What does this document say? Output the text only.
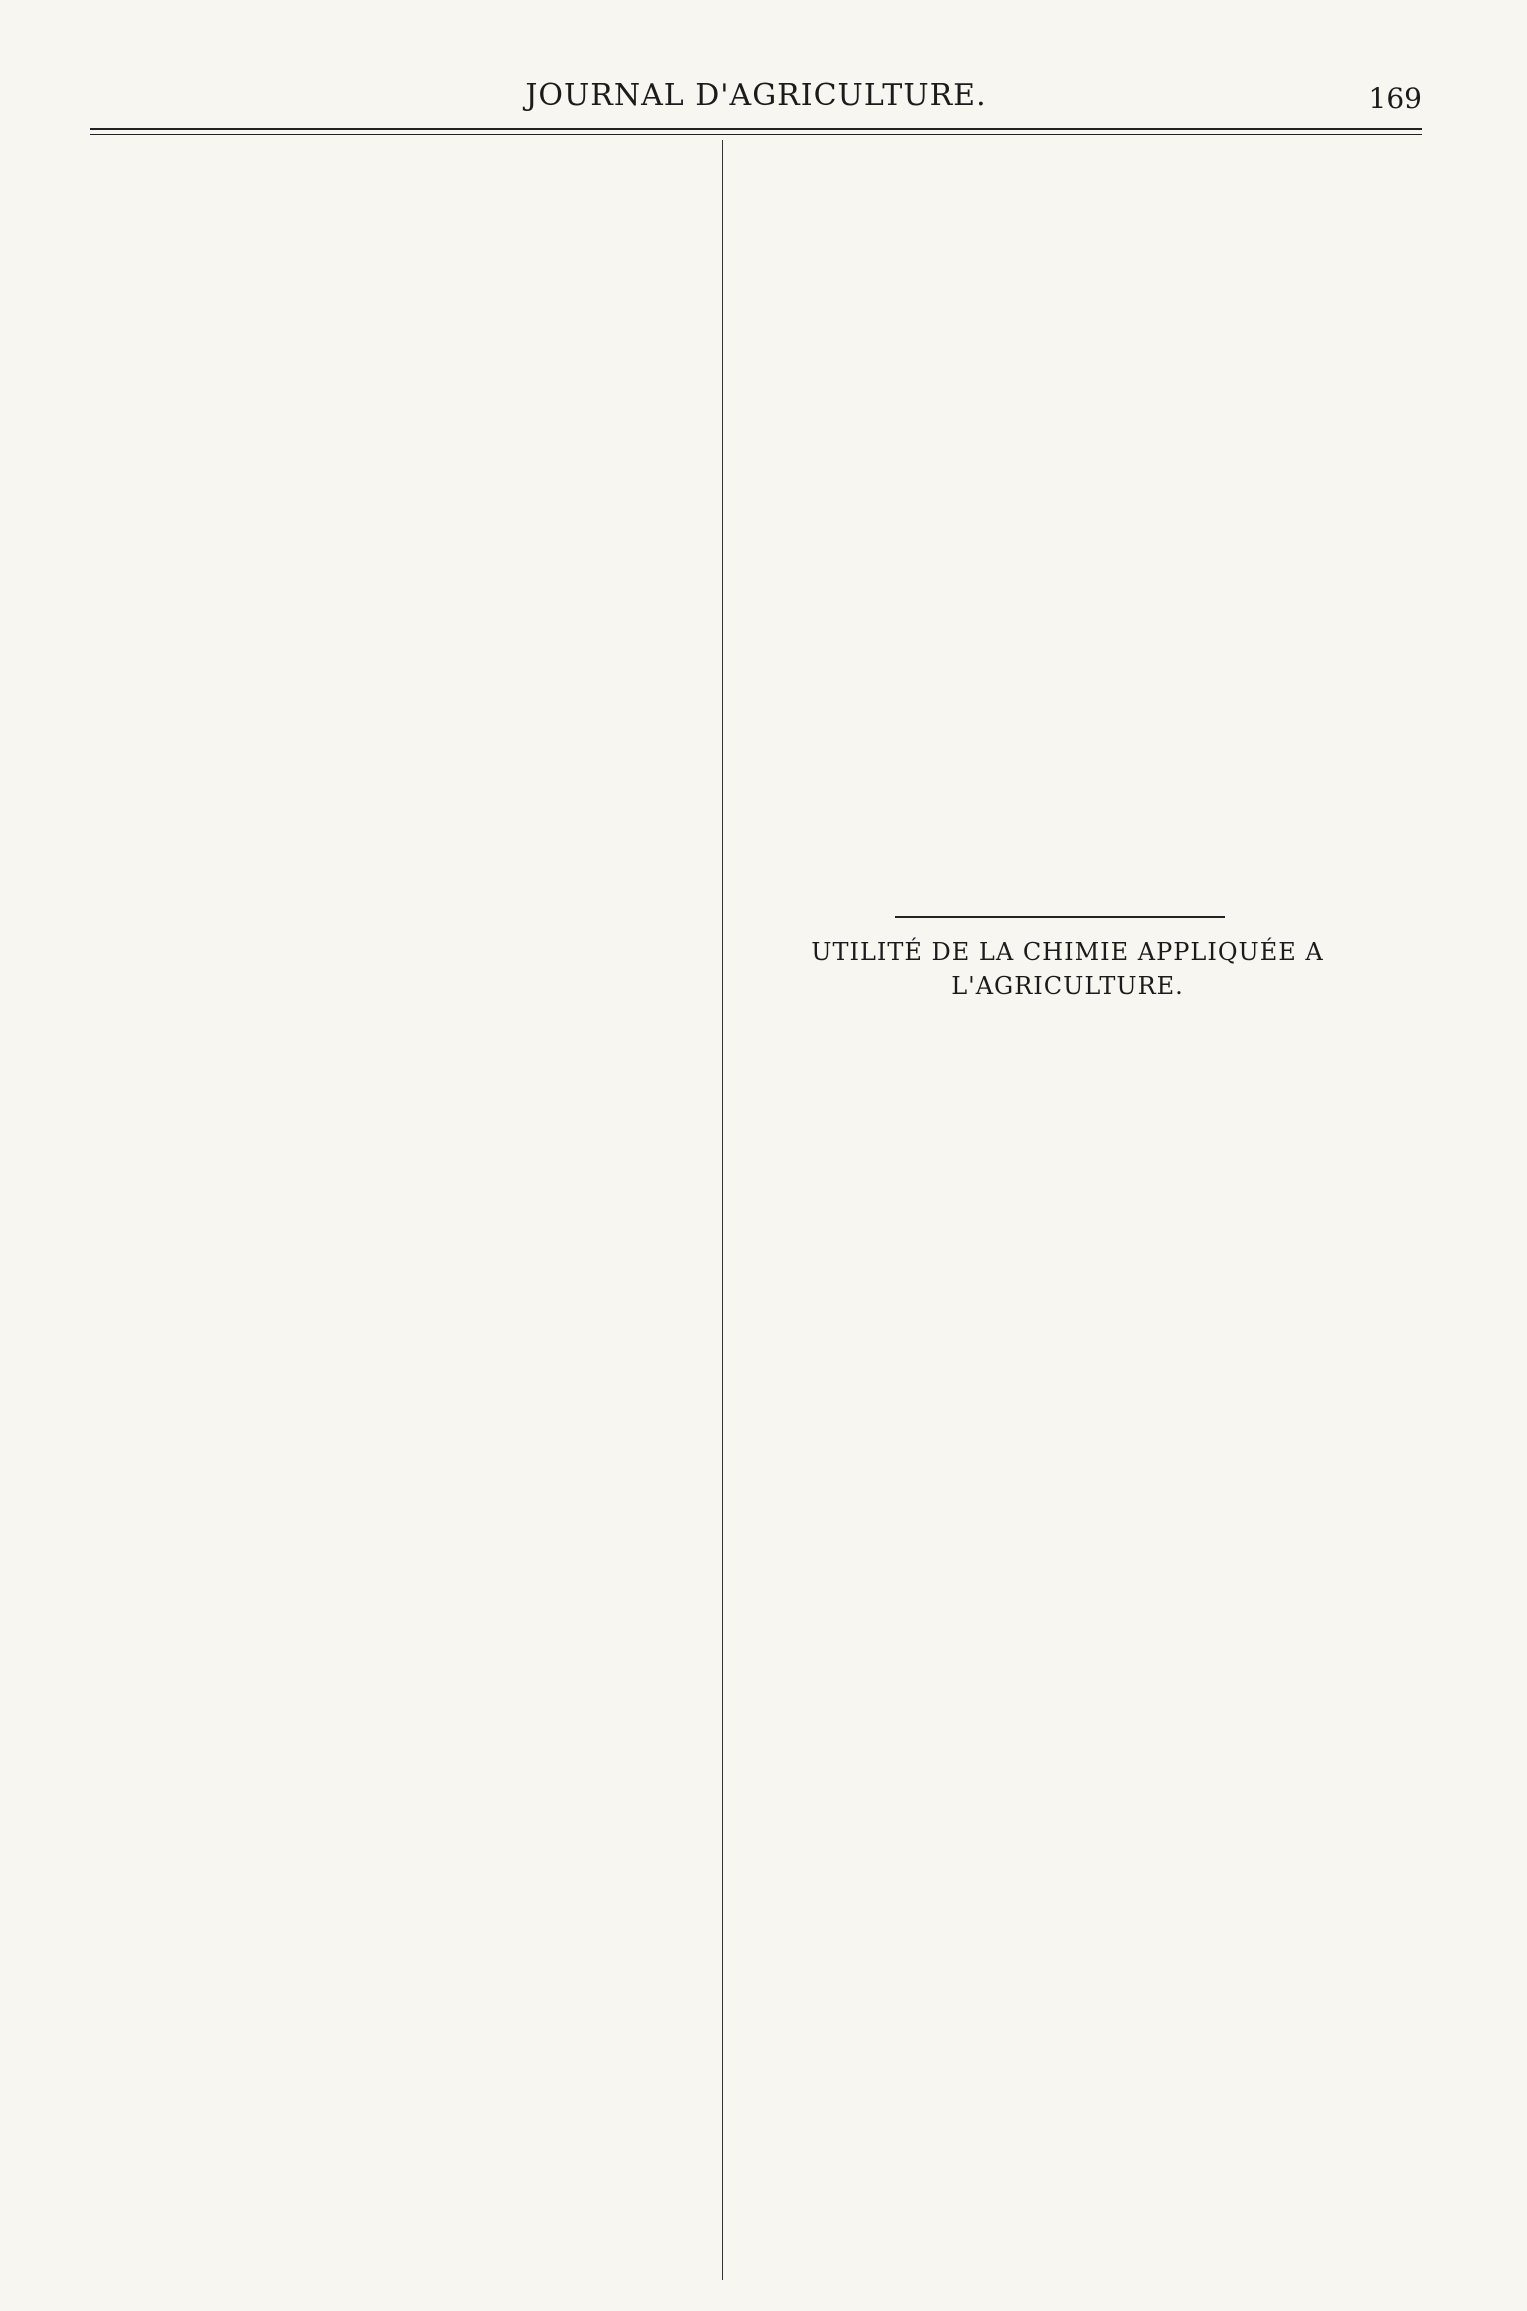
JOURNAL D'AGRICULTURE.	169
UTILITÉ DE LA CHIMIE APPLIQUÉE A L'AGRICULTURE.
